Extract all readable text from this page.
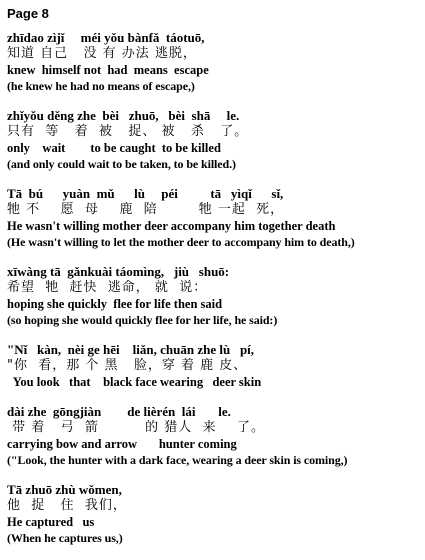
Page 8
zhīdao zìjǐ     méi yǒu bànfǎ  táotuō,
知道 自己   没 有 办法 逃脱，
knew  himself not  had  means  escape
(he knew he had no means of escape,)
zhǐyǒu děng zhe  bèi   zhuō,   bèi  shā     le.
只有  等   着  被   捉、 被   杀   了。
only    wait        to be caught  to be killed
(and only could wait to be taken, to be killed.)
Tā  bú      yuàn  mǔ      lù     péi          tā   yìqǐ      sǐ,
牠 不    愿  母    鹿  陪        牠 一起  死，
He wasn't willing mother deer accompany him together death
(He wasn't willing to let the mother deer to accompany him to death,)
xīwàng tā  gǎnkuài táomìng,   jiù   shuō:
希望  牠  赶快  逃命， 就  说：
hoping she quickly  flee for life then said
(so hoping she would quickly flee for her life, he said:)
"Nǐ   kàn,  nèi ge hēi    liǎn, chuān zhe lù   pí,
"你  看，那 个 黑   脸，穿 着 鹿 皮、
You look   that    black face wearing   deer skin
dài zhe  gōngjiàn        de lièrén  lái       le.
带 着   弓  箭         的 猎人  来    了。
carrying bow and arrow       hunter coming
("Look, the hunter with a dark face, wearing a deer skin is coming,)
Tā zhuō zhù wǒmen,
他  捉   住  我们，
He captured   us
(When he captures us,)
